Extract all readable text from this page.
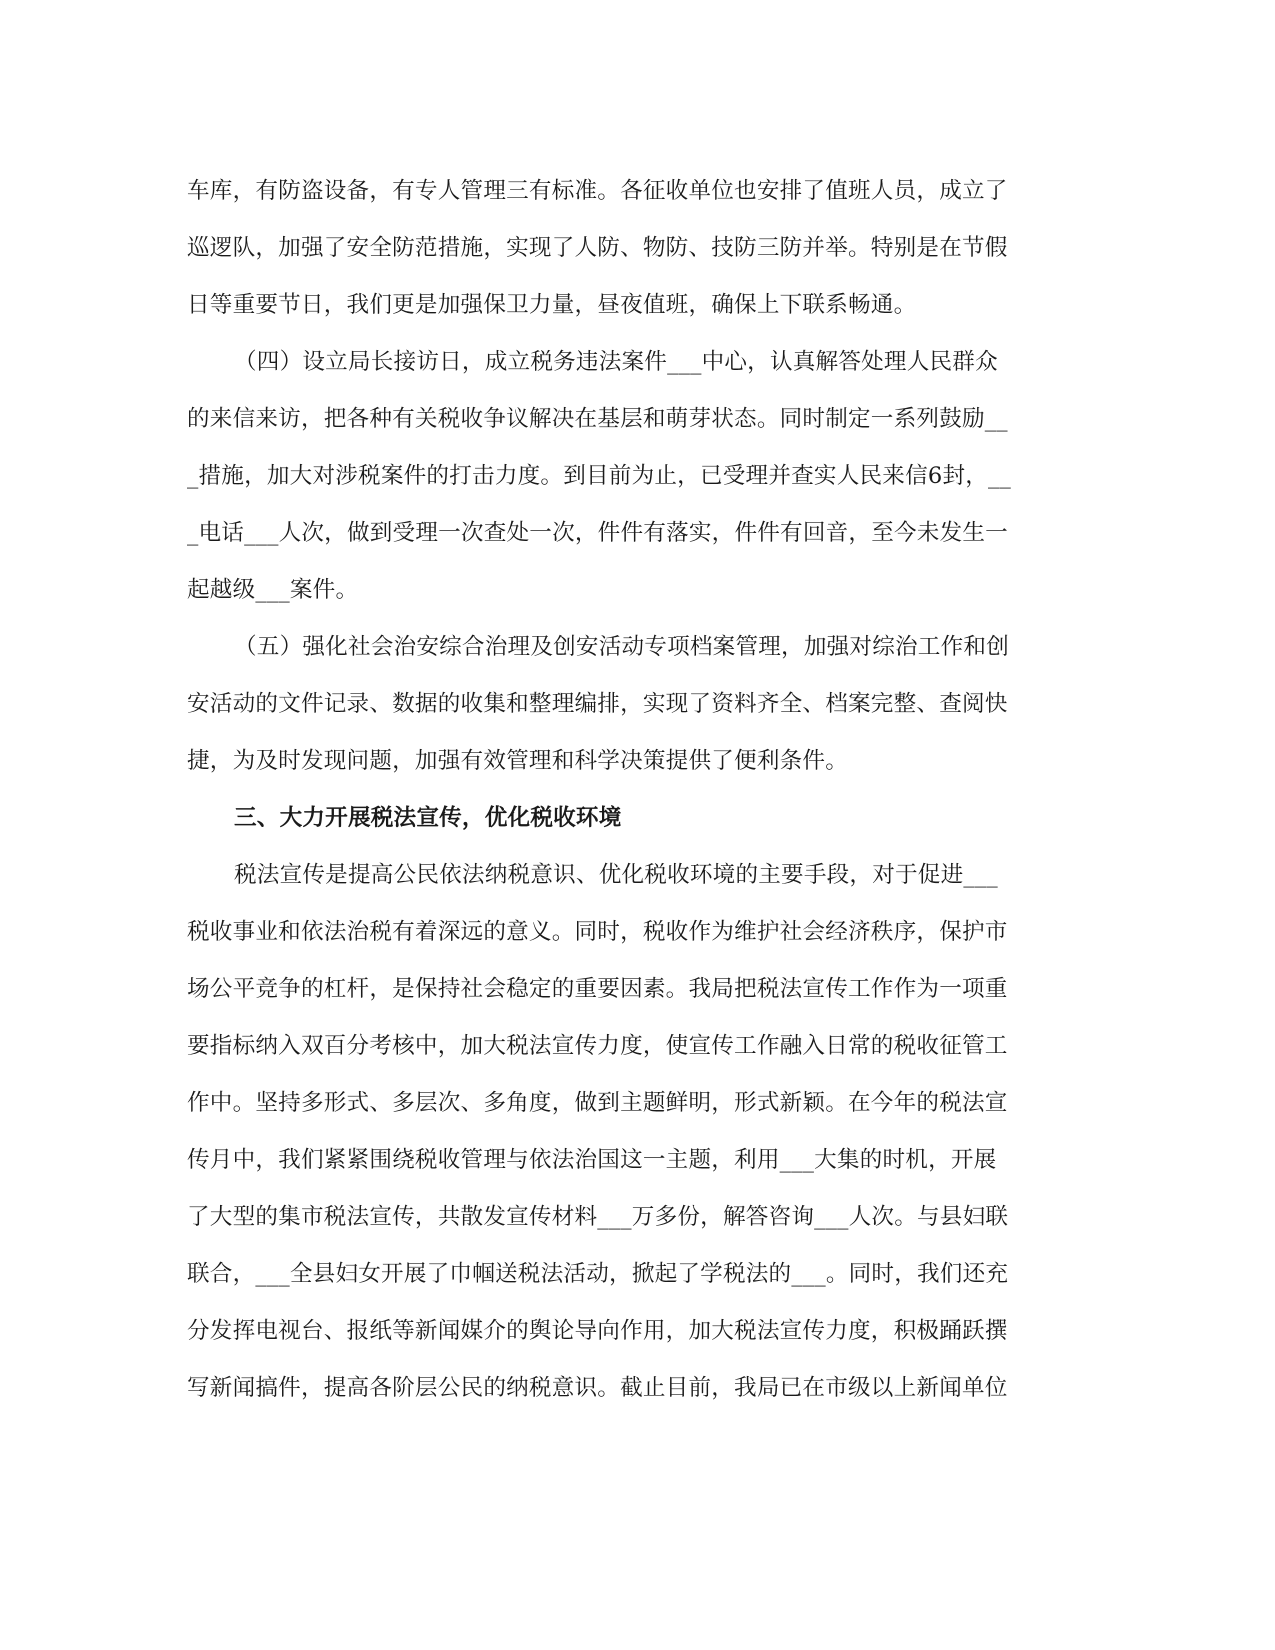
车库，有防盗设备，有专人管理三有标准。各征收单位也安排了值班人员，成立了
巡逻队，加强了安全防范措施，实现了人防、物防、技防三防并举。特别是在节假
日等重要节日，我们更是加强保卫力量，昼夜值班，确保上下联系畅通。
（四）设立局长接访日，成立税务违法案件___中心，认真解答处理人民群众
的来信来访，把各种有关税收争议解决在基层和萌芽状态。同时制定一系列鼓励__
_措施，加大对涉税案件的打击力度。到目前为止，已受理并查实人民来信6封，__
_电话___人次，做到受理一次查处一次，件件有落实，件件有回音，至今未发生一
起越级___案件。
（五）强化社会治安综合治理及创安活动专项档案管理，加强对综治工作和创
安活动的文件记录、数据的收集和整理编排，实现了资料齐全、档案完整、查阅快
捷，为及时发现问题，加强有效管理和科学决策提供了便利条件。
三、大力开展税法宣传，优化税收环境
税法宣传是提高公民依法纳税意识、优化税收环境的主要手段，对于促进___
税收事业和依法治税有着深远的意义。同时，税收作为维护社会经济秩序，保护市
场公平竞争的杠杆，是保持社会稳定的重要因素。我局把税法宣传工作作为一项重
要指标纳入双百分考核中，加大税法宣传力度，使宣传工作融入日常的税收征管工
作中。坚持多形式、多层次、多角度，做到主题鲜明，形式新颖。在今年的税法宣
传月中，我们紧紧围绕税收管理与依法治国这一主题，利用___大集的时机，开展
了大型的集市税法宣传，共散发宣传材料___万多份，解答咨询___人次。与县妇联
联合，___全县妇女开展了巾帼送税法活动，掀起了学税法的___。同时，我们还充
分发挥电视台、报纸等新闻媒介的舆论导向作用，加大税法宣传力度，积极踊跃撰
写新闻搞件，提高各阶层公民的纳税意识。截止目前，我局已在市级以上新闻单位
